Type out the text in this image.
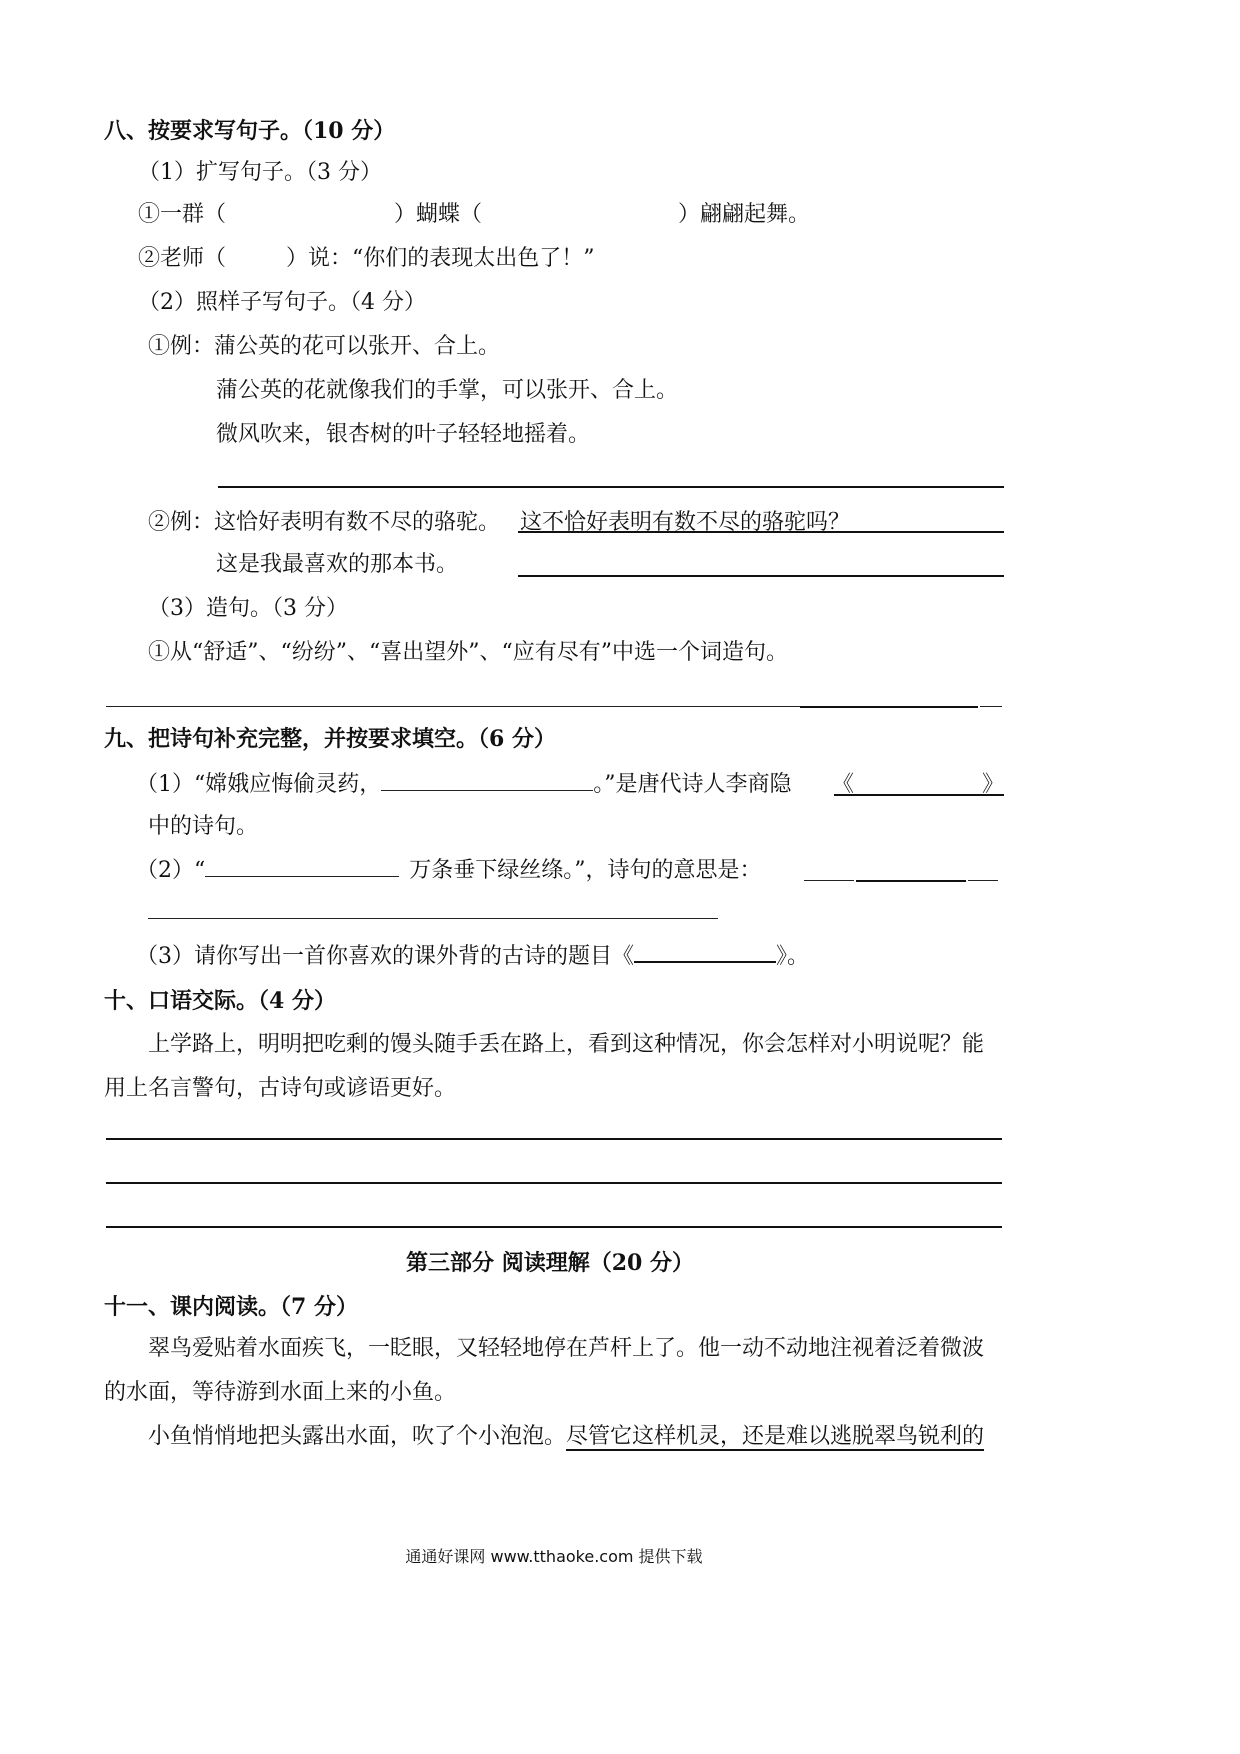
八、按要求写句子。（10 分）
（1）扩写句子。（3 分）
①一群（	）蝴蝶（	）翩翩起舞。
②老师（	）说：“你们的表现太出色了！”
（2）照样子写句子。（4 分）
①例：蒲公英的花可以张开、合上。
蒲公英的花就像我们的手掌，可以张开、合上。
微风吹来，银杏树的叶子轻轻地摇着。
②例：这恰好表明有数不尽的骆驼。 这不恰好表明有数不尽的骆驼吗？
这是我最喜欢的那本书。
（3）造句。（3 分）
①从“舒适”、“纷纷”、“喜出望外”、“应有尽有”中选一个词造句。
九、把诗句补充完整，并按要求填空。（6 分）
（1）“嫦娥应悔偷灵药，	。”是唐代诗人李商隐 《	》
中的诗句。
（2）“	万条垂下绿丝绦。”，诗句的意思是：
（3）请你写出一首你喜欢的课外背的古诗的题目《	》。
十、口语交际。（4 分）
上学路上，明明把吃剩的馒头随手丢在路上，看到这种情况，你会怎样对小明说呢？能
用上名言警句，古诗句或谚语更好。
第三部分 阅读理解（20 分）
十一、课内阅读。（7 分）
翠鸟爱贴着水面疾飞，一眨眼，又轻轻地停在芦杆上了。他一动不动地注视着泛着微波
的水面，等待游到水面上来的小鱼。
小鱼悄悄地把头露出水面，吹了个小泡泡。尽管它这样机灵，还是难以逃脱翠鸟锐利的
通通好课网 www.tthaoke.com 提供下载
